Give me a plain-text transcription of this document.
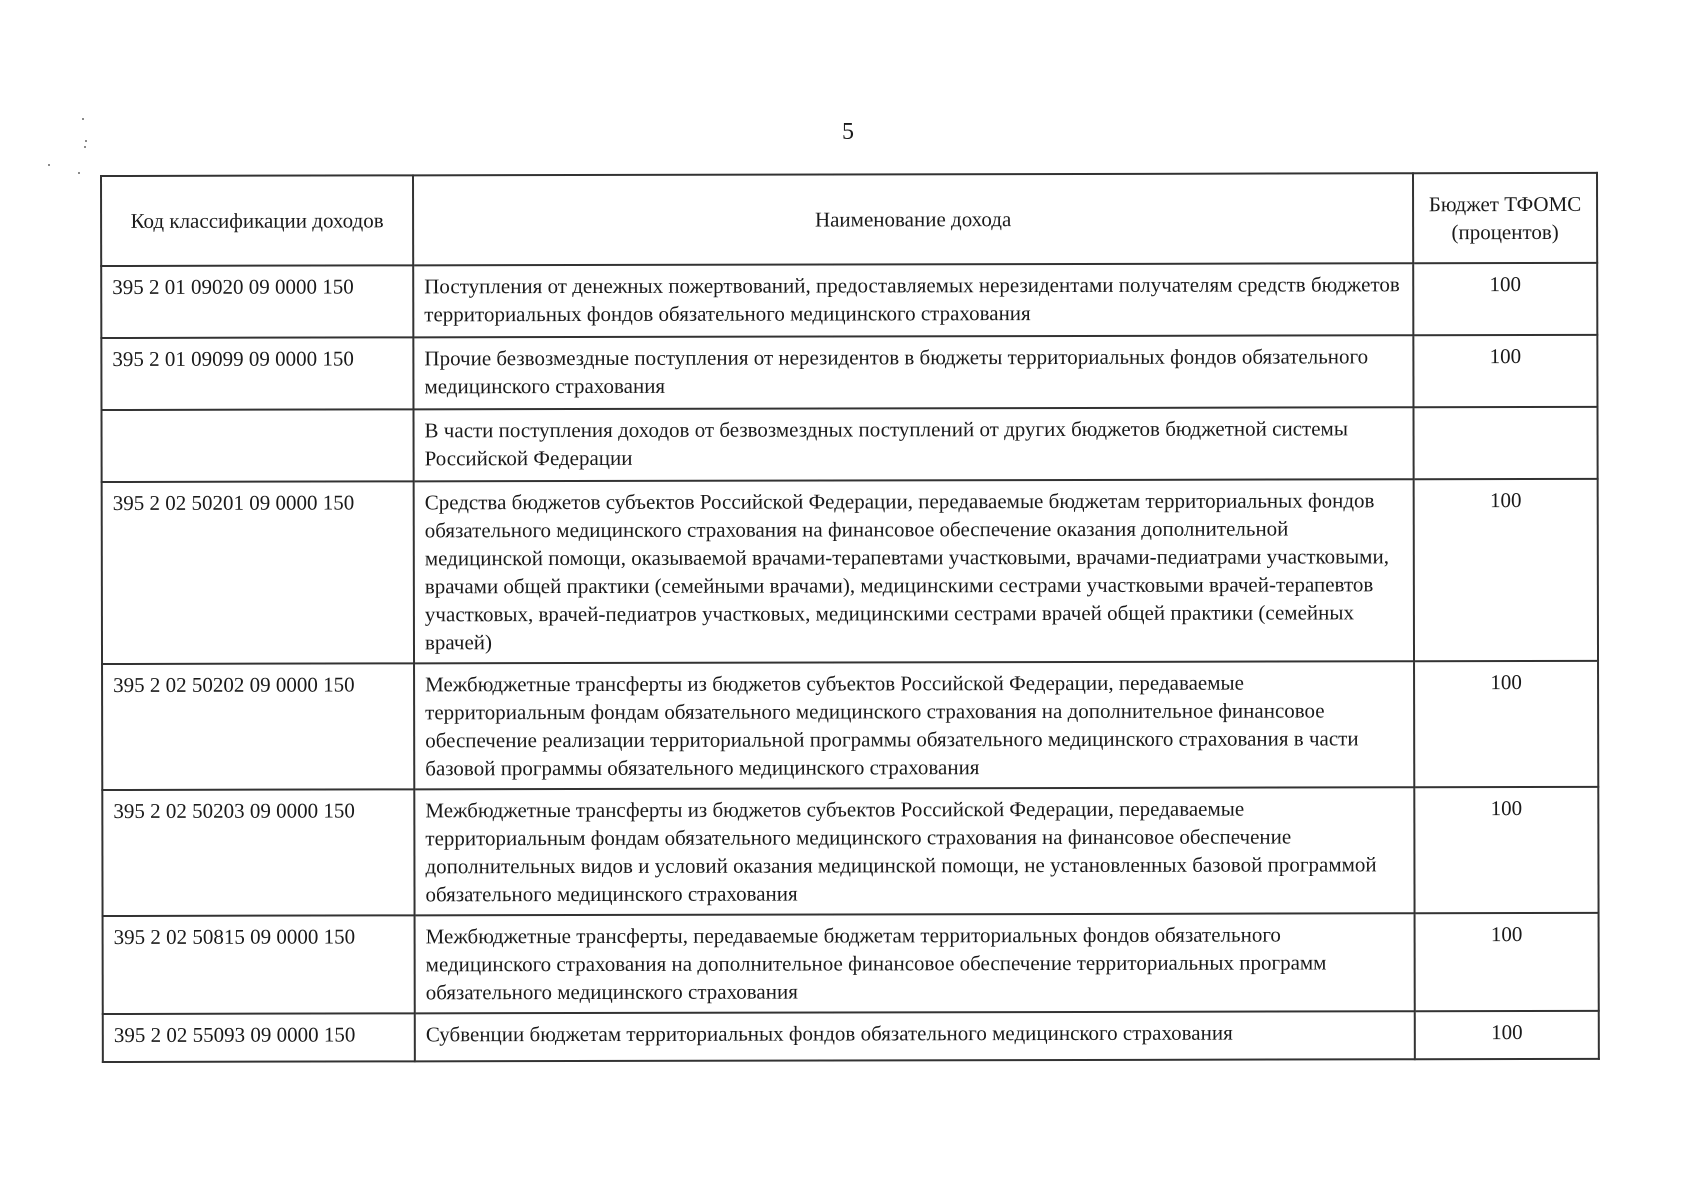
5
Код классификации доходов	Наименование дохода	Бюджет ТФОМС (процентов)
395 2 01 09020 09 0000 150	Поступления от денежных пожертвований, предоставляемых нерезидентами получателям средств бюджетов территориальных фондов обязательного медицинского страхования	100
395 2 01 09099 09 0000 150	Прочие безвозмездные поступления от нерезидентов в бюджеты территориальных фондов обязательного медицинского страхования	100
	В части поступления доходов от безвозмездных поступлений от других бюджетов бюджетной системы Российской Федерации	
395 2 02 50201 09 0000 150	Средства бюджетов субъектов Российской Федерации, передаваемые бюджетам территориальных фондов обязательного медицинского страхования на финансовое обеспечение оказания дополнительной медицинской помощи, оказываемой врачами-терапевтами участковыми, врачами-педиатрами участковыми, врачами общей практики (семейными врачами), медицинскими сестрами участковыми врачей-терапевтов участковых, врачей-педиатров участковых, медицинскими сестрами врачей общей практики (семейных врачей)	100
395 2 02 50202 09 0000 150	Межбюджетные трансферты из бюджетов субъектов Российской Федерации, передаваемые территориальным фондам обязательного медицинского страхования на дополнительное финансовое обеспечение реализации территориальной программы обязательного медицинского страхования в части базовой программы обязательного медицинского страхования	100
395 2 02 50203 09 0000 150	Межбюджетные трансферты из бюджетов субъектов Российской Федерации, передаваемые территориальным фондам обязательного медицинского страхования на финансовое обеспечение дополнительных видов и условий оказания медицинской помощи, не установленных базовой программой обязательного медицинского страхования	100
395 2 02 50815 09 0000 150	Межбюджетные трансферты, передаваемые бюджетам территориальных фондов обязательного медицинского страхования на дополнительное финансовое обеспечение территориальных программ обязательного медицинского страхования	100
395 2 02 55093 09 0000 150	Субвенции бюджетам территориальных фондов обязательного медицинского страхования	100
